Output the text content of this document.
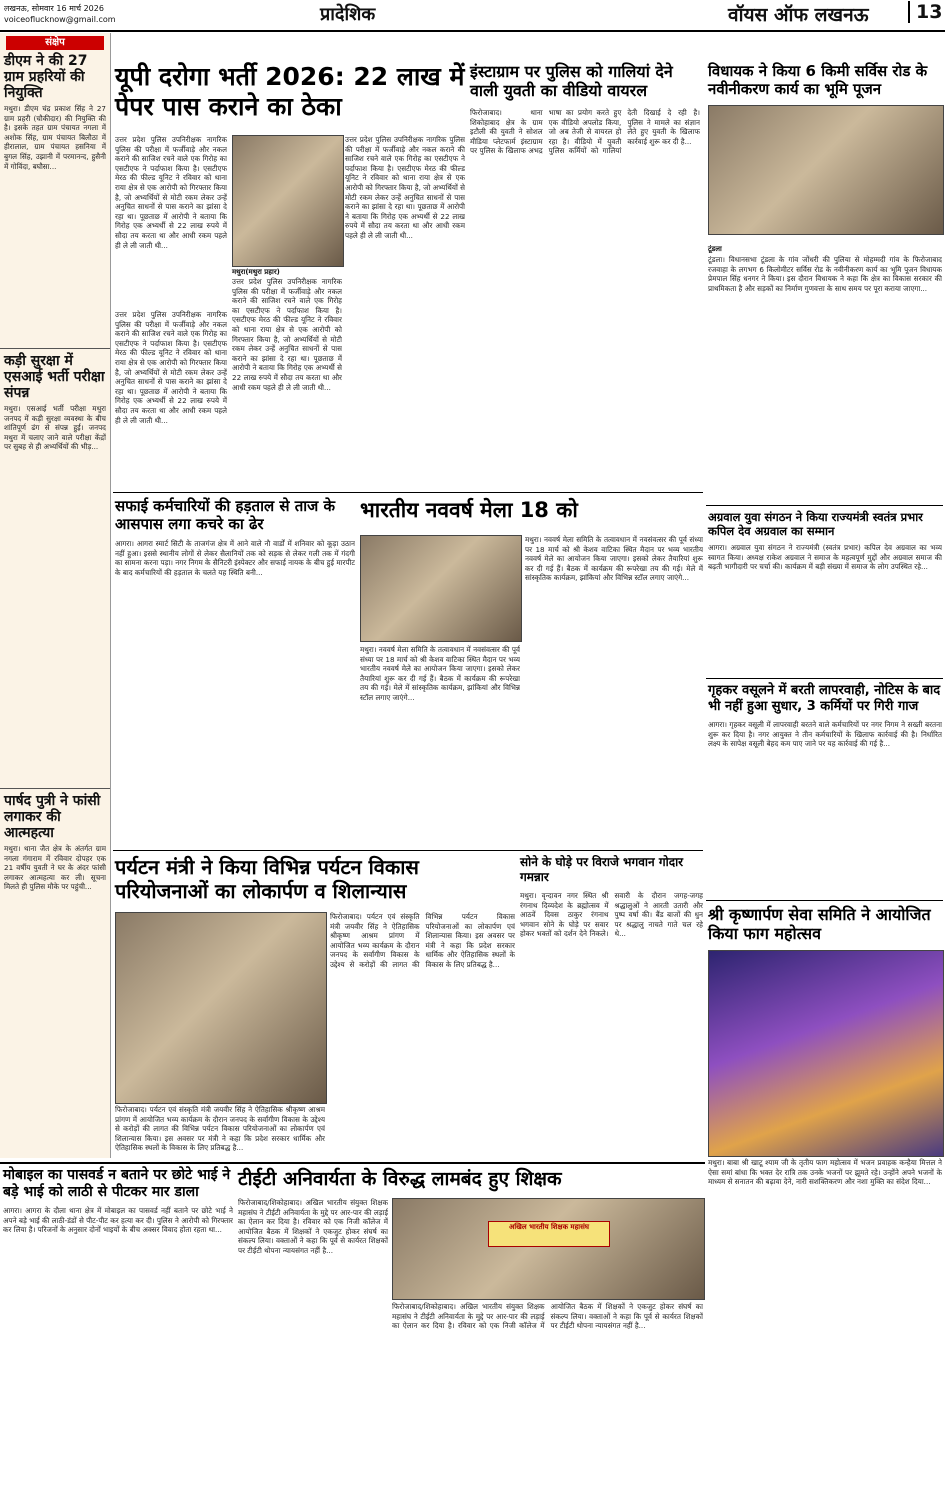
लखनऊ, सोमवार 16 मार्च 2026
voiceoflucknow@gmail.com	प्रादेशिक	वॉयस ऑफ लखनऊ	13
संक्षेप
डीएम ने की 27 ग्राम प्रहरियों की नियुक्ति
मथुरा। डीएम चंद्र प्रकाश सिंह ने 27 ग्राम प्रहरी (चौकीदार) की नियुक्ति की है। इसके तहत ग्राम पंचायत नगला में अशोक सिंह, ग्राम पंचायत बिलौठा में हीरालाल, ग्राम पंचायत हसनिया में बुगल सिंह, उझानी में परमानन्द, हुसैनी में गोविंदा, बघौसा...
कड़ी सुरक्षा में एसआई भर्ती परीक्षा संपन्न
मथुरा। एसआई भर्ती परीक्षा मथुरा जनपद में कड़ी सुरक्षा व्यवस्था के बीच शांतिपूर्ण ढंग से संपन्न हुई। जनपद मथुरा में चलाए जाने वाले परीक्षा केंद्रों पर सुबह से ही अभ्यर्थियों की भीड़...
पार्षद पुत्री ने फांसी लगाकर की आत्महत्या
मथुरा। थाना जैत क्षेत्र के अंतर्गत ग्राम नगला गंगाराम में रविवार दोपहर एक 21 वर्षीय युवती ने घर के अंदर फांसी लगाकर आत्महत्या कर ली। सूचना मिलते ही पुलिस मौके पर पहुंची...
यूपी दरोगा भर्ती 2026: 22 लाख में पेपर पास कराने का ठेका
उत्तर प्रदेश पुलिस उपनिरीक्षक नागरिक पुलिस की परीक्षा में फर्जीवाड़े और नकल कराने की साजिश रचने वाले एक गिरोह का एसटीएफ ने पर्दाफाश किया है। एसटीएफ मेरठ की फील्ड यूनिट ने रविवार को थाना राया क्षेत्र से एक आरोपी को गिरफ्तार किया है, जो अभ्यर्थियों से मोटी रकम लेकर उन्हें अनुचित साधनों से पास कराने का झांसा दे रहा था। पूछताछ में आरोपी ने बताया कि गिरोह एक अभ्यर्थी से 22 लाख रुपये में सौदा तय करता था और आधी रकम पहले ही ले ली जाती थी...
उत्तर प्रदेश पुलिस उपनिरीक्षक नागरिक पुलिस की परीक्षा में फर्जीवाड़े और नकल कराने की साजिश रचने वाले एक गिरोह का एसटीएफ ने पर्दाफाश किया है। एसटीएफ मेरठ की फील्ड यूनिट ने रविवार को थाना राया क्षेत्र से एक आरोपी को गिरफ्तार किया है, जो अभ्यर्थियों से मोटी रकम लेकर उन्हें अनुचित साधनों से पास कराने का झांसा दे रहा था। पूछताछ में आरोपी ने बताया कि गिरोह एक अभ्यर्थी से 22 लाख रुपये में सौदा तय करता था और आधी रकम पहले ही ले ली जाती थी...
मथुरा(मथुरा प्रहार)
उत्तर प्रदेश पुलिस उपनिरीक्षक नागरिक पुलिस की परीक्षा में फर्जीवाड़े और नकल कराने की साजिश रचने वाले एक गिरोह का एसटीएफ ने पर्दाफाश किया है। एसटीएफ मेरठ की फील्ड यूनिट ने रविवार को थाना राया क्षेत्र से एक आरोपी को गिरफ्तार किया है, जो अभ्यर्थियों से मोटी रकम लेकर उन्हें अनुचित साधनों से पास कराने का झांसा दे रहा था। पूछताछ में आरोपी ने बताया कि गिरोह एक अभ्यर्थी से 22 लाख रुपये में सौदा तय करता था और आधी रकम पहले ही ले ली जाती थी...
उत्तर प्रदेश पुलिस उपनिरीक्षक नागरिक पुलिस की परीक्षा में फर्जीवाड़े और नकल कराने की साजिश रचने वाले एक गिरोह का एसटीएफ ने पर्दाफाश किया है। एसटीएफ मेरठ की फील्ड यूनिट ने रविवार को थाना राया क्षेत्र से एक आरोपी को गिरफ्तार किया है, जो अभ्यर्थियों से मोटी रकम लेकर उन्हें अनुचित साधनों से पास कराने का झांसा दे रहा था। पूछताछ में आरोपी ने बताया कि गिरोह एक अभ्यर्थी से 22 लाख रुपये में सौदा तय करता था और आधी रकम पहले ही ले ली जाती थी...
इंस्टाग्राम पर पुलिस को गालियां देने वाली युवती का वीडियो वायरल
फिरोजाबाद। थाना शिकोहाबाद क्षेत्र के ग्राम इटौली की युवती ने सोशल मीडिया प्लेटफार्म इंस्टाग्राम पर पुलिस के खिलाफ अभद्र भाषा का प्रयोग करते हुए एक वीडियो अपलोड किया, जो अब तेजी से वायरल हो रहा है। वीडियो में युवती पुलिस कर्मियों को गालियां देती दिखाई दे रही है। पुलिस ने मामले का संज्ञान लेते हुए युवती के खिलाफ कार्रवाई शुरू कर दी है...
सफाई कर्मचारियों की हड़ताल से ताज के आसपास लगा कचरे का ढेर
आगरा। आगरा स्मार्ट सिटी के ताजगंज क्षेत्र में आने वाले नौ वार्डों में शनिवार को कूड़ा उठान नहीं हुआ। इससे स्थानीय लोगों से लेकर सैलानियों तक को सड़क से लेकर गली तक में गंदगी का सामना करना पड़ा। नगर निगम के सैनिटरी इंस्पेक्टर और सफाई नायक के बीच हुई मारपीट के बाद कर्मचारियों की हड़ताल के चलते यह स्थिति बनी...
भारतीय नववर्ष मेला 18 को
मथुरा। नववर्ष मेला समिति के तत्वावधान में नवसंवत्सर की पूर्व संध्या पर 18 मार्च को श्री केशव वाटिका स्थित मैदान पर भव्य भारतीय नववर्ष मेले का आयोजन किया जाएगा। इसको लेकर तैयारियां शुरू कर दी गई हैं। बैठक में कार्यक्रम की रूपरेखा तय की गई। मेले में सांस्कृतिक कार्यक्रम, झांकियां और विभिन्न स्टॉल लगाए जाएंगे...
मथुरा। नववर्ष मेला समिति के तत्वावधान में नवसंवत्सर की पूर्व संध्या पर 18 मार्च को श्री केशव वाटिका स्थित मैदान पर भव्य भारतीय नववर्ष मेले का आयोजन किया जाएगा। इसको लेकर तैयारियां शुरू कर दी गई हैं। बैठक में कार्यक्रम की रूपरेखा तय की गई। मेले में सांस्कृतिक कार्यक्रम, झांकियां और विभिन्न स्टॉल लगाए जाएंगे...
पर्यटन मंत्री ने किया विभिन्न पर्यटन विकास परियोजनाओं का लोकार्पण व शिलान्यास
फिरोजाबाद। पर्यटन एवं संस्कृति मंत्री जयवीर सिंह ने ऐतिहासिक श्रीकृष्ण आश्रम प्रांगण में आयोजित भव्य कार्यक्रम के दौरान जनपद के सर्वांगीण विकास के उद्देश्य से करोड़ों की लागत की विभिन्न पर्यटन विकास परियोजनाओं का लोकार्पण एवं शिलान्यास किया। इस अवसर पर मंत्री ने कहा कि प्रदेश सरकार धार्मिक और ऐतिहासिक स्थलों के विकास के लिए प्रतिबद्ध है...
फिरोजाबाद। पर्यटन एवं संस्कृति मंत्री जयवीर सिंह ने ऐतिहासिक श्रीकृष्ण आश्रम प्रांगण में आयोजित भव्य कार्यक्रम के दौरान जनपद के सर्वांगीण विकास के उद्देश्य से करोड़ों की लागत की विभिन्न पर्यटन विकास परियोजनाओं का लोकार्पण एवं शिलान्यास किया। इस अवसर पर मंत्री ने कहा कि प्रदेश सरकार धार्मिक और ऐतिहासिक स्थलों के विकास के लिए प्रतिबद्ध है...
सोने के घोड़े पर विराजे भगवान गोदार गमन्नार
मथुरा। वृन्दावन नगर स्थित श्री रंगनाथ दिव्यदेश के ब्रह्मोत्सव में आठवें दिवस ठाकुर रंगनाथ भगवान सोने के घोड़े पर सवार होकर भक्तों को दर्शन देने निकले। सवारी के दौरान जगह-जगह श्रद्धालुओं ने आरती उतारी और पुष्प वर्षा की। बैंड बाजों की धुन पर श्रद्धालु नाचते गाते चल रहे थे...
विधायक ने किया 6 किमी सर्विस रोड के नवीनीकरण कार्य का भूमि पूजन
टूंडला
टूंडला। विधानसभा टूंडला के गांव जोंधरी की पुलिया से मोहम्मदी गांव के फिरोजाबाद रजवाहा के लगभग 6 किलोमीटर सर्विस रोड के नवीनीकरण कार्य का भूमि पूजन विधायक प्रेमपाल सिंह धनगर ने किया। इस दौरान विधायक ने कहा कि क्षेत्र का विकास सरकार की प्राथमिकता है और सड़कों का निर्माण गुणवत्ता के साथ समय पर पूरा कराया जाएगा...
अग्रवाल युवा संगठन ने किया राज्यमंत्री स्वतंत्र प्रभार कपिल देव अग्रवाल का सम्मान
आगरा। अग्रवाल युवा संगठन ने राज्यमंत्री (स्वतंत्र प्रभार) कपिल देव अग्रवाल का भव्य स्वागत किया। अध्यक्ष राकेश अग्रवाल ने समाज के महत्वपूर्ण मुद्दों और अग्रवाल समाज की बढ़ती भागीदारी पर चर्चा की। कार्यक्रम में बड़ी संख्या में समाज के लोग उपस्थित रहे...
गृहकर वसूलने में बरती लापरवाही, नोटिस के बाद भी नहीं हुआ सुधार, 3 कर्मियों पर गिरी गाज
आगरा। गृहकर वसूली में लापरवाही बरतने वाले कर्मचारियों पर नगर निगम ने सख्ती बरतना शुरू कर दिया है। नगर आयुक्त ने तीन कर्मचारियों के खिलाफ कार्रवाई की है। निर्धारित लक्ष्य के सापेक्ष वसूली बेहद कम पाए जाने पर यह कार्रवाई की गई है...
श्री कृष्णार्पण सेवा समिति ने आयोजित किया फाग महोत्सव
मथुरा। बाबा श्री खाटू श्याम जी के तृतीय फाग महोत्सव में भजन प्रवाहक कन्हैया मित्तल ने ऐसा समां बांधा कि भक्त देर रात्रि तक उनके भजनों पर झूमते रहे। उन्होंने अपने भजनों के माध्यम से सनातन की बढ़ावा देने, नारी सशक्तिकरण और नशा मुक्ति का संदेश दिया...
मोबाइल का पासवर्ड न बताने पर छोटे भाई ने बड़े भाई को लाठी से पीटकर मार डाला
आगरा। आगरा के दौला थाना क्षेत्र में मोबाइल का पासवर्ड नहीं बताने पर छोटे भाई ने अपने बड़े भाई की लाठी-डंडों से पीट-पीट कर हत्या कर दी। पुलिस ने आरोपी को गिरफ्तार कर लिया है। परिजनों के अनुसार दोनों भाइयों के बीच अक्सर विवाद होता रहता था...
टीईटी अनिवार्यता के विरुद्ध लामबंद हुए शिक्षक
फिरोजाबाद/शिकोहाबाद। अखिल भारतीय संयुक्त शिक्षक महासंघ ने टीईटी अनिवार्यता के मुद्दे पर आर-पार की लड़ाई का ऐलान कर दिया है। रविवार को एक निजी कॉलेज में आयोजित बैठक में शिक्षकों ने एकजुट होकर संघर्ष का संकल्प लिया। वक्ताओं ने कहा कि पूर्व से कार्यरत शिक्षकों पर टीईटी थोपना न्यायसंगत नहीं है...
अखिल भारतीय शिक्षक महासंघ
फिरोजाबाद/शिकोहाबाद। अखिल भारतीय संयुक्त शिक्षक महासंघ ने टीईटी अनिवार्यता के मुद्दे पर आर-पार की लड़ाई का ऐलान कर दिया है। रविवार को एक निजी कॉलेज में आयोजित बैठक में शिक्षकों ने एकजुट होकर संघर्ष का संकल्प लिया। वक्ताओं ने कहा कि पूर्व से कार्यरत शिक्षकों पर टीईटी थोपना न्यायसंगत नहीं है...
